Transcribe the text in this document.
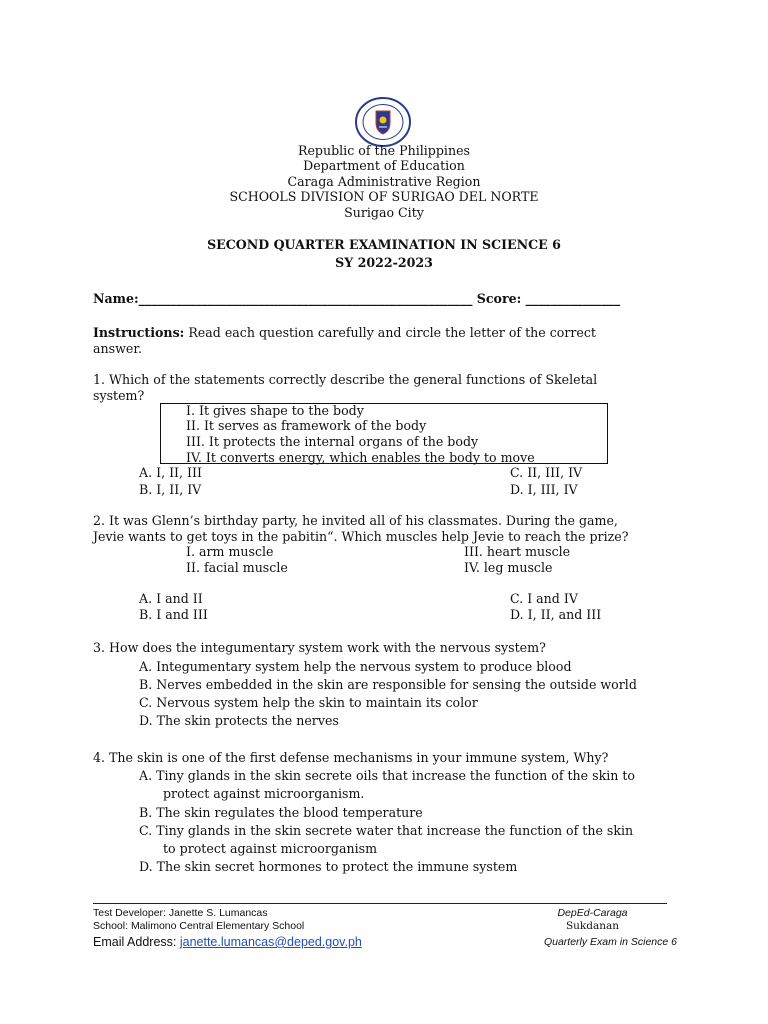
Republic of the Philippines
Department of Education
Caraga Administrative Region
SCHOOLS DIVISION OF SURIGAO DEL NORTE
Surigao City
SECOND QUARTER EXAMINATION IN SCIENCE 6
SY 2022-2023
Name:_____________________________________________________ Score: _______________
Instructions: Read each question carefully and circle the letter of the correct
answer.
1. Which of the statements correctly describe the general functions of Skeletal
system?
I. It gives shape to the body
II. It serves as framework of the body
III. It protects the internal organs of the body
IV. It converts energy, which enables the body to move
A. I, II, III	C. II, III, IV
B. I, II, IV	D. I, III, IV
2. It was Glenn’s birthday party, he invited all of his classmates. During the game,
Jevie wants to get toys in the pabitin“. Which muscles help Jevie to reach the prize?
I. arm muscle	III. heart muscle
II. facial muscle	IV. leg muscle
A. I and II	C. I and IV
B. I and III	D. I, II, and III
3. How does the integumentary system work with the nervous system?
A. Integumentary system help the nervous system to produce blood
B. Nerves embedded in the skin are responsible for sensing the outside world
C. Nervous system help the skin to maintain its color
D. The skin protects the nerves
4. The skin is one of the first defense mechanisms in your immune system, Why?
A. Tiny glands in the skin secrete oils that increase the function of the skin to
protect against microorganism.
B. The skin regulates the blood temperature
C. Tiny glands in the skin secrete water that increase the function of the skin
to protect against microorganism
D. The skin secret hormones to protect the immune system
Test Developer: Janette S. Lumancas
School: Malimono Central Elementary School
Email Address: janette.lumancas@deped.gov.ph
DepEd-Caraga
Sukdanan
Quarterly Exam in Science 6
